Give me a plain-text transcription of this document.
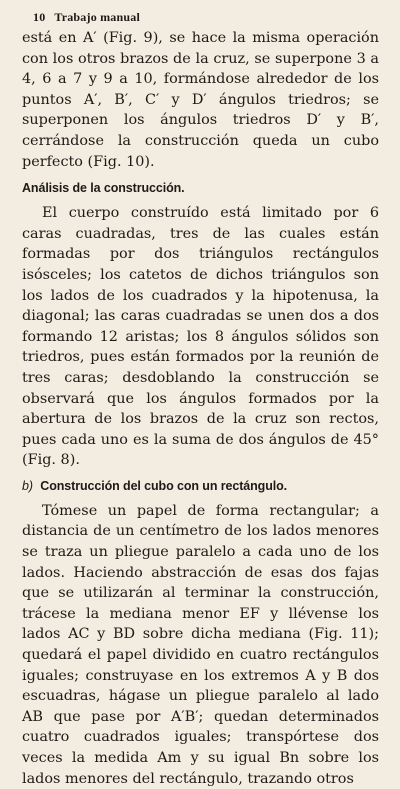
10 Trabajo manual

está en A′ (Fig. 9), se hace la misma operación con los otros brazos de la cruz, se superpone 3 a 4, 6 a 7 y 9 a 10, formándose alrededor de los puntos A′, B′, C′ y D′ ángulos triedros; se superponen los ángulos triedros D′ y B′, cerrándose la construcción queda un cubo perfecto (Fig. 10).

Análisis de la construcción.

El cuerpo construído está limitado por 6 caras cuadradas, tres de las cuales están formadas por dos triángulos rectángulos isósceles; los catetos de dichos triángulos son los lados de los cuadrados y la hipotenusa, la diagonal; las caras cuadradas se unen dos a dos formando 12 aristas; los 8 ángulos sólidos son triedros, pues están formados por la reunión de tres caras; desdoblando la construcción se observará que los ángulos formados por la abertura de los brazos de la cruz son rectos, pues cada uno es la suma de dos ángulos de 45° (Fig. 8).

b) Construcción del cubo con un rectángulo.

Tómese un papel de forma rectangular; a distancia de un centímetro de los lados menores se traza un pliegue paralelo a cada uno de los lados. Haciendo abstracción de esas dos fajas que se utilizarán al terminar la construcción, trácese la mediana menor EF y llévense los lados AC y BD sobre dicha mediana (Fig. 11); quedará el papel dividido en cuatro rectángulos iguales; construyase en los extremos A y B dos escuadras, hágase un pliegue paralelo al lado AB que pase por A′B′; quedan determinados cuatro cuadrados iguales; transpórtese dos veces la medida Am y su igual Bn sobre los lados menores del rectángulo, trazando otros
